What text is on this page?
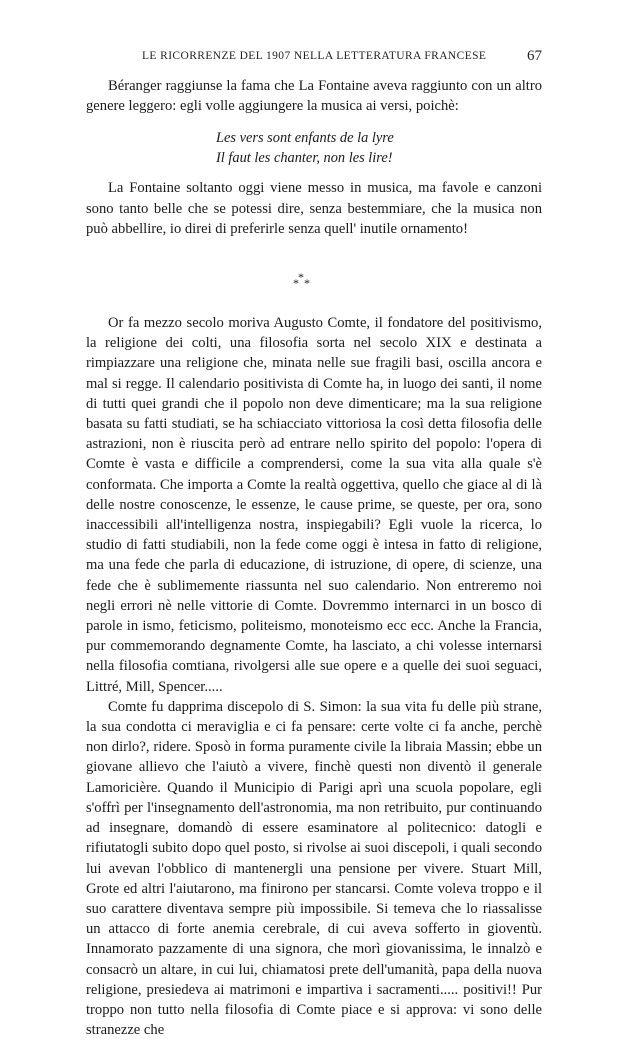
LE RICORRENZE DEL 1907 NELLA LETTERATURA FRANCESE	67

Béranger raggiunse la fama che La Fontaine aveva raggiunto con un altro genere leggero: egli volle aggiungere la musica ai versi, poichè:

Les vers sont enfants de la lyre
Il faut les chanter, non les lire!

La Fontaine soltanto oggi viene messo in musica, ma favole e canzoni sono tanto belle che se potessi dire, senza bestemmiare, che la musica non può abbellire, io direi di preferirle senza quell' inutile ornamento!

*
* *

Or fa mezzo secolo moriva Augusto Comte, il fondatore del positivismo, la religione dei colti, una filosofia sorta nel secolo XIX e destinata a rimpiazzare una religione che, minata nelle sue fragili basi, oscilla ancora e mal si regge. Il calendario positivista di Comte ha, in luogo dei santi, il nome di tutti quei grandi che il popolo non deve dimenticare; ma la sua religione basata su fatti studiati, se ha schiacciato vittoriosa la così detta filosofia delle astrazioni, non è riuscita però ad entrare nello spirito del popolo: l'opera di Comte è vasta e difficile a comprendersi, come la sua vita alla quale s'è conformata. Che importa a Comte la realtà oggettiva, quello che giace al di là delle nostre conoscenze, le essenze, le cause prime, se queste, per ora, sono inaccessibili all'intelligenza nostra, inspiegabili? Egli vuole la ricerca, lo studio di fatti studiabili, non la fede come oggi è intesa in fatto di religione, ma una fede che parla di educazione, di istruzione, di opere, di scienze, una fede che è sublimemente riassunta nel suo calendario. Non entreremo noi negli errori nè nelle vittorie di Comte. Dovremmo internarci in un bosco di parole in ismo, feticismo, politeismo, monoteismo ecc ecc. Anche la Francia, pur commemorando degnamente Comte, ha lasciato, a chi volesse internarsi nella filosofia comtiana, rivolgersi alle sue opere e a quelle dei suoi seguaci, Littré, Mill, Spencer.....

Comte fu dapprima discepolo di S. Simon: la sua vita fu delle più strane, la sua condotta ci meraviglia e ci fa pensare: certe volte ci fa anche, perchè non dirlo?, ridere. Sposò in forma puramente civile la libraia Massin; ebbe un giovane allievo che l'aiutò a vivere, finchè questi non diventò il generale Lamoricière. Quando il Municipio di Parigi aprì una scuola popolare, egli s'offrì per l'insegnamento dell'astronomia, ma non retribuito, pur continuando ad insegnare, domandò di essere esaminatore al politecnico: datogli e rifiutatogli subito dopo quel posto, si rivolse ai suoi discepoli, i quali secondo lui avevan l'obblico di mantenergli una pensione per vivere. Stuart Mill, Grote ed altri l'aiutarono, ma finirono per stancarsi. Comte voleva troppo e il suo carattere diventava sempre più impossibile. Si temeva che lo riassalisse un attacco di forte anemia cerebrale, di cui aveva sofferto in gioventù. Innamorato pazzamente di una signora, che morì giovanissima, le innalzò e consacrò un altare, in cui lui, chiamatosi prete dell'umanità, papa della nuova religione, presiedeva ai matrimoni e impartiva i sacramenti..... positivi!! Pur troppo non tutto nella filosofia di Comte piace e si approva: vi sono delle stranezze che
